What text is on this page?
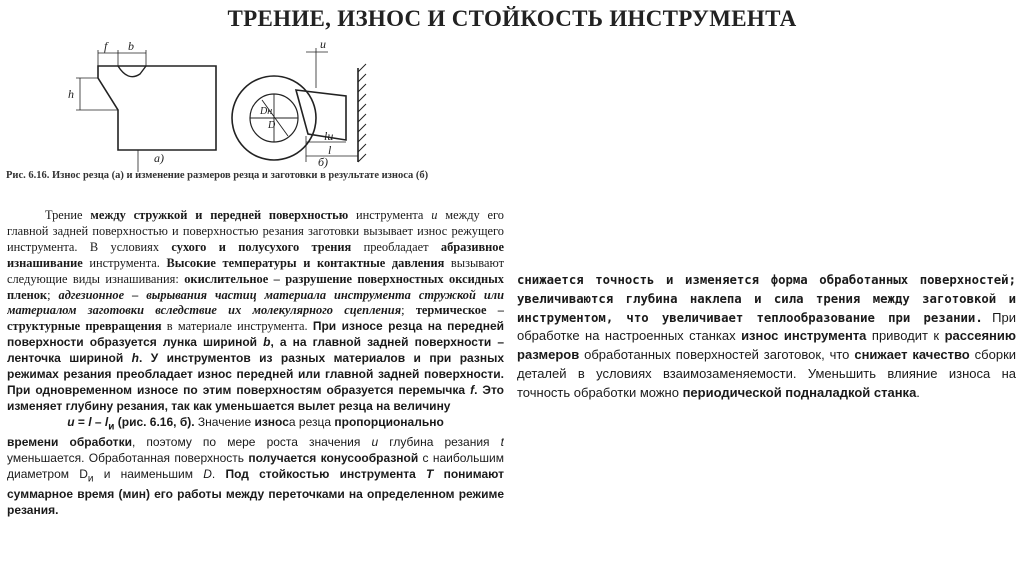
ТРЕНИЕ, ИЗНОС И СТОЙКОСТЬ ИНСТРУМЕНТА
f b
h
u
Dн
D
lи
l
а)	б)
Рис. 6.16. Износ резца (а) и изменение размеров резца и заготовки в результате износа (б)

Трение между стружкой и передней поверхностью инструмента и между его главной задней поверхностью и поверхностью резания заготовки вызывает износ режущего инструмента. В условиях сухого и полусухого трения преобладает абразивное изнашивание инструмента. Высокие температуры и контактные давления вызывают следующие виды изнашивания: окислительное – разрушение поверхностных оксидных пленок; адгезионное – вырывания частиц материала инструмента стружкой или материалом заготовки вследствие их молекулярного сцепления; термическое – структурные превращения в материале инструмента. При износе резца на передней поверхности образуется лунка шириной b, а на главной задней поверхности – ленточка шириной h. У инструментов из разных материалов и при разных режимах резания преобладает износ передней или главной задней поверхности. При одновременном износе по этим поверхностям образуется перемычка f. Это изменяет глубину резания, так как уменьшается вылет резца на величину

$u = l - l_и$ (рис. 6.16, б). Значение износа резца пропорционально

времени обработки, поэтому по мере роста значения и глубина резания t уменьшается. Обработанная поверхность получается конусообразной с наибольшим диаметром $D_и$ и наименьшим D. Под стойкостью инструмента Т понимают суммарное время (мин) его работы между переточками на определенном режиме резания.

снижается точность и изменяется форма обработанных поверхностей; увеличиваются глубина наклепа и сила трения между заготовкой и инструментом, что увеличивает теплообразование при резании. При обработке на настроенных станках износ инструмента приводит к рассеянию размеров обработанных поверхностей заготовок, что снижает качество сборки деталей в условиях взаимозаменяемости. Уменьшить влияние износа на точность обработки можно периодической подналадкой станка.
